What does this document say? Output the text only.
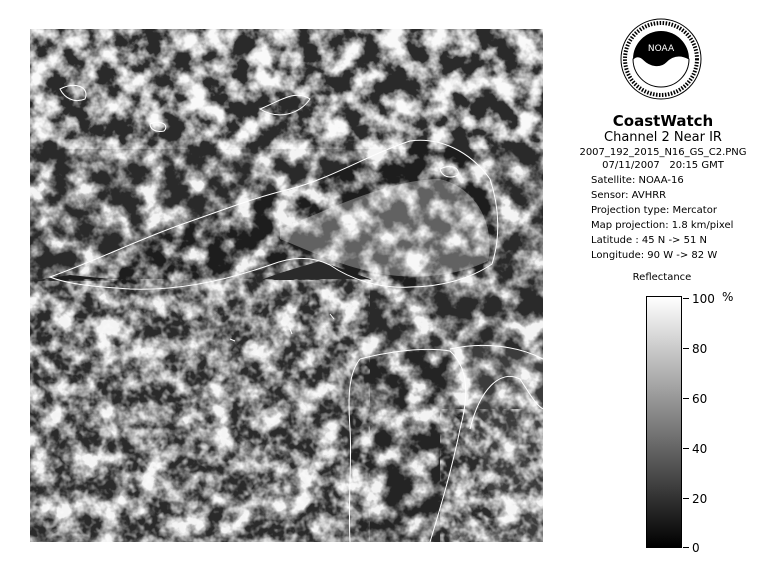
NOAA
CoastWatch
Channel 2 Near IR
2007_192_2015_N16_GS_C2.PNG
07/11/2007 20:15 GMT
Satellite: NOAA-16
Sensor: AVHRR
Projection type: Mercator
Map projection: 1.8 km/pixel
Latitude : 45 N -> 51 N
Longitude: 90 W -> 82 W
Reflectance
%
100
80
60
40
20
0
